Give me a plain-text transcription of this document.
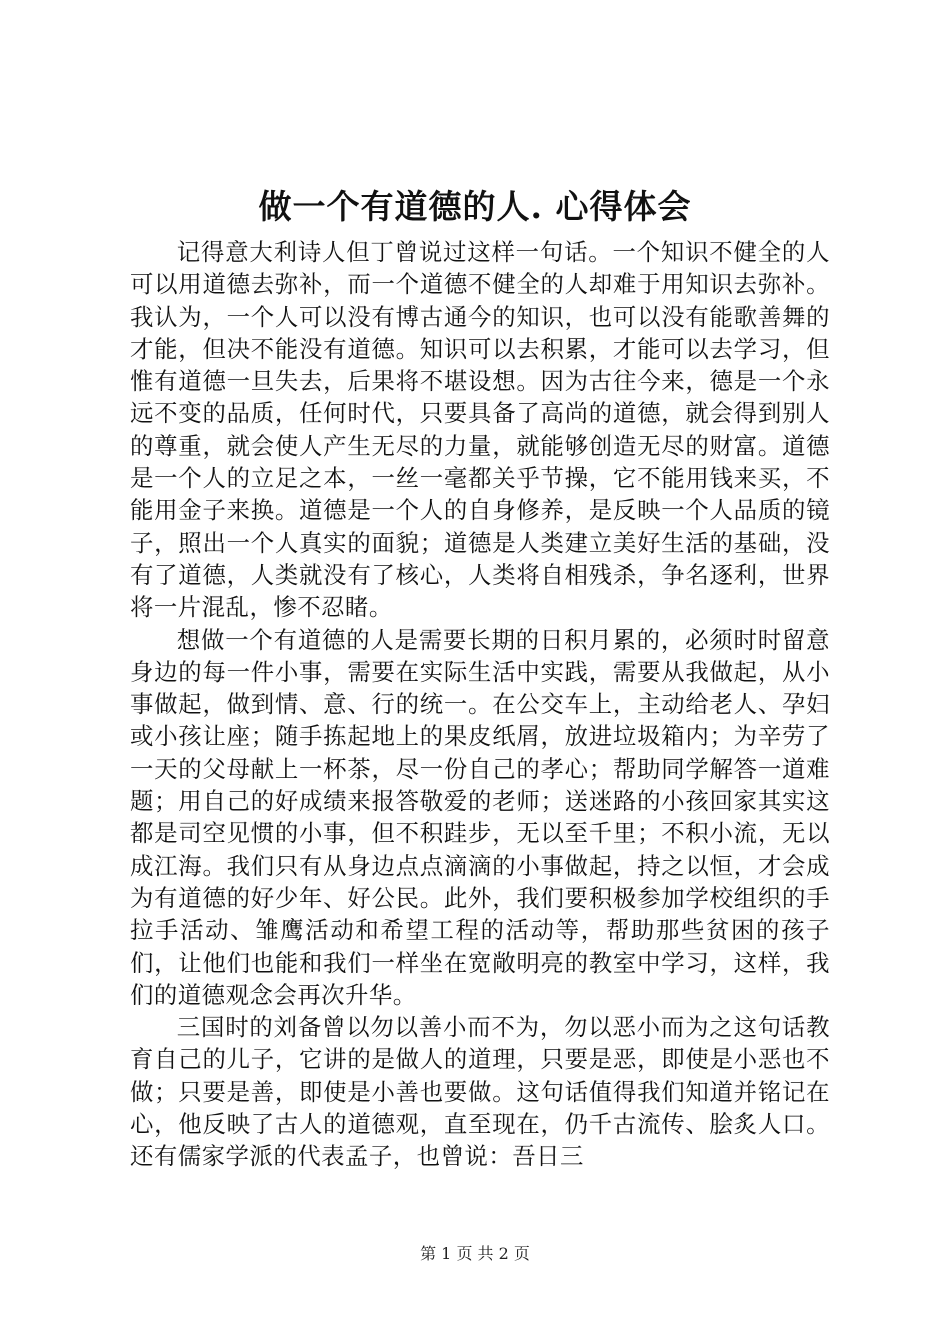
做一个有道德的人. 心得体会

记得意大利诗人但丁曾说过这样一句话。一个知识不健全的人可以用道德去弥补，而一个道德不健全的人却难于用知识去弥补。我认为，一个人可以没有博古通今的知识，也可以没有能歌善舞的才能，但决不能没有道德。知识可以去积累，才能可以去学习，但惟有道德一旦失去，后果将不堪设想。因为古往今来，德是一个永远不变的品质，任何时代，只要具备了高尚的道德，就会得到别人的尊重，就会使人产生无尽的力量，就能够创造无尽的财富。道德是一个人的立足之本，一丝一毫都关乎节操，它不能用钱来买，不能用金子来换。道德是一个人的自身修养，是反映一个人品质的镜子，照出一个人真实的面貌；道德是人类建立美好生活的基础，没有了道德，人类就没有了核心，人类将自相残杀，争名逐利，世界将一片混乱，惨不忍睹。

想做一个有道德的人是需要长期的日积月累的，必须时时留意身边的每一件小事，需要在实际生活中实践，需要从我做起，从小事做起，做到情、意、行的统一。在公交车上，主动给老人、孕妇或小孩让座；随手拣起地上的果皮纸屑，放进垃圾箱内；为辛劳了一天的父母献上一杯茶，尽一份自己的孝心；帮助同学解答一道难题；用自己的好成绩来报答敬爱的老师；送迷路的小孩回家其实这都是司空见惯的小事，但不积跬步，无以至千里；不积小流，无以成江海。我们只有从身边点点滴滴的小事做起，持之以恒，才会成为有道德的好少年、好公民。此外，我们要积极参加学校组织的手拉手活动、雏鹰活动和希望工程的活动等，帮助那些贫困的孩子们，让他们也能和我们一样坐在宽敞明亮的教室中学习，这样，我们的道德观念会再次升华。

三国时的刘备曾以勿以善小而不为，勿以恶小而为之这句话教育自己的儿子，它讲的是做人的道理，只要是恶，即使是小恶也不做；只要是善，即使是小善也要做。这句话值得我们知道并铭记在心，他反映了古人的道德观，直至现在，仍千古流传、脍炙人口。还有儒家学派的代表孟子，也曾说：吾日三

第 1 页 共 2 页
